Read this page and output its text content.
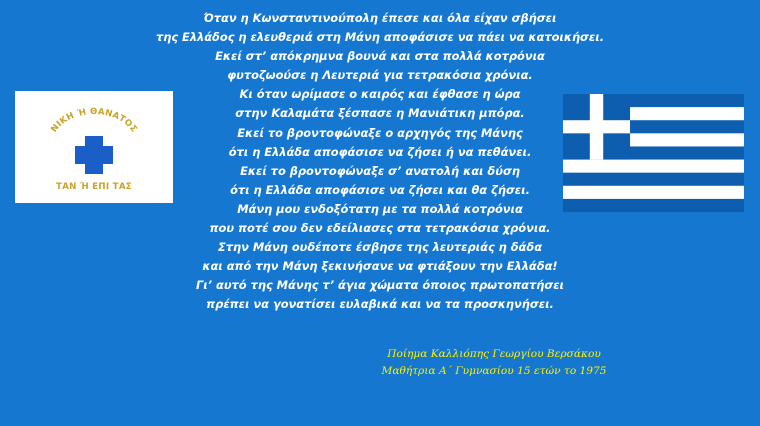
Όταν η Κωνσταντινούπολη έπεσε και όλα είχαν σβήσει
της Ελλάδος η ελευθεριά στη Μάνη αποφάσισε να πάει να κατοικήσει.
Εκεί στ’ απόκρημνα βουνά και στα πολλά κοτρόνια
φυτοζωούσε η Λευτεριά για τετρακόσια χρόνια.
Κι όταν ωρίμασε ο καιρός και έφθασε η ώρα
στην Καλαμάτα ξέσπασε η Μανιάτικη μπόρα.
Εκεί το βροντοφώναξε ο αρχηγός της Μάνης
ότι η Ελλάδα αποφάσισε να ζήσει ή να πεθάνει.
Εκεί το βροντοφώναξε σ’ ανατολή και δύση
ότι η Ελλάδα αποφάσισε να ζήσει και θα ζήσει.
Μάνη μου ενδοξότατη με τα πολλά κοτρόνια
που ποτέ σου δεν εδείλιασες στα τετρακόσια χρόνια.
Στην Μάνη ουδέποτε έσβησε της λευτεριάς η δάδα
και από την Μάνη ξεκινήσανε να φτιάξουν την Ελλάδα!
Γι’ αυτό της Μάνης τ’ άγια χώματα όποιος πρωτοπατήσει
πρέπει να γονατίσει ευλαβικά και να τα προσκηνήσει.
Ποίημα Καλλιόπης Γεωργίου Βερσάκου
Μαθήτρια Α΄ Γυμνασίου 15 ετών το 1975
ΝΙΚΗ Ή ΘΑΝΑΤΟΣ
ΤΑΝ Ή ΕΠΙ ΤΑΣ
